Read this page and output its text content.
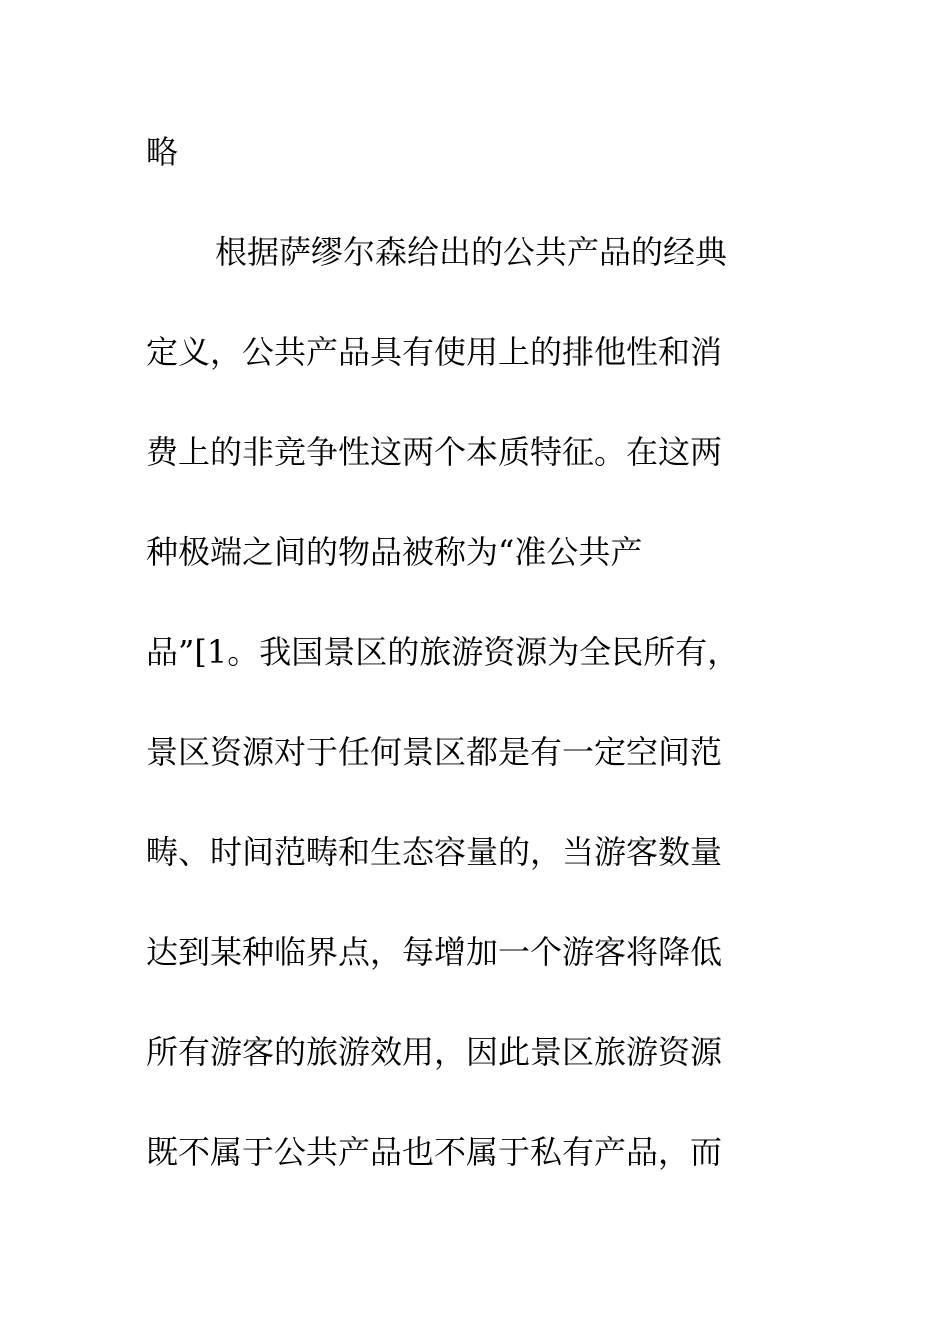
略

根据萨缪尔森给出的公共产品的经典

定义，公共产品具有使用上的排他性和消

费上的非竞争性这两个本质特征。在这两

种极端之间的物品被称为“准公共产

品”[1。我国景区的旅游资源为全民所有，

景区资源对于任何景区都是有一定空间范

畴、时间范畴和生态容量的，当游客数量

达到某种临界点，每增加一个游客将降低

所有游客的旅游效用，因此景区旅游资源

既不属于公共产品也不属于私有产品，而
